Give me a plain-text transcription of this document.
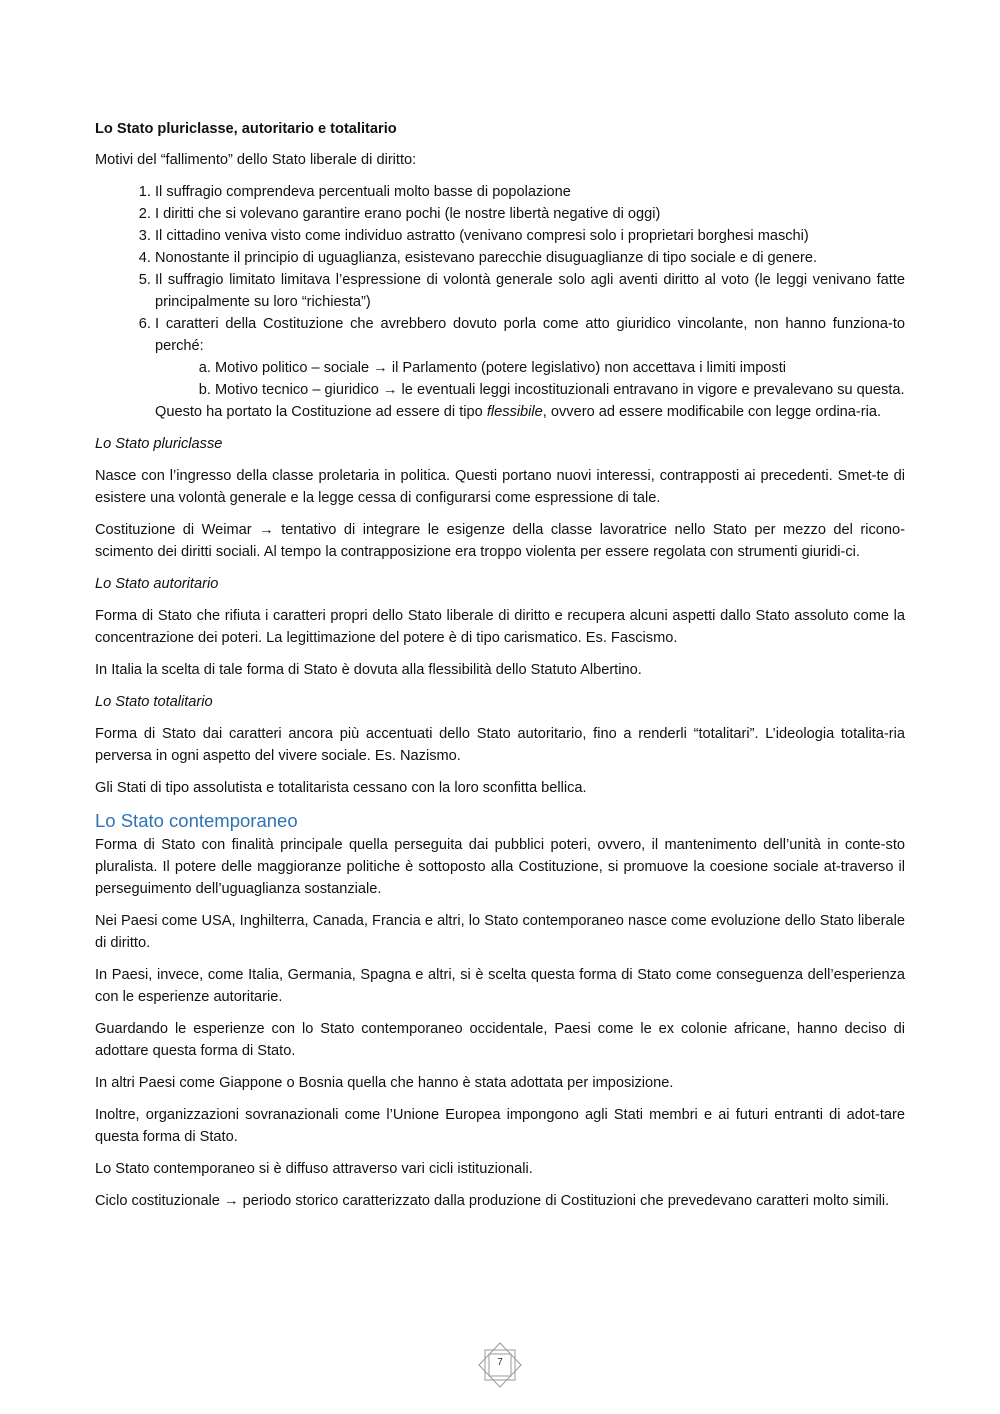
Lo Stato pluriclasse, autoritario e totalitario

Motivi del “fallimento” dello Stato liberale di diritto:

1. Il suffragio comprendeva percentuali molto basse di popolazione
2. I diritti che si volevano garantire erano pochi (le nostre libertà negative di oggi)
3. Il cittadino veniva visto come individuo astratto (venivano compresi solo i proprietari borghesi maschi)
4. Nonostante il principio di uguaglianza, esistevano parecchie disuguaglianze di tipo sociale e di genere.
5. Il suffragio limitato limitava l’espressione di volontà generale solo agli aventi diritto al voto (le leggi venivano fatte principalmente su loro “richiesta”)
6. I caratteri della Costituzione che avrebbero dovuto porla come atto giuridico vincolante, non hanno funziona-to perché:
a. Motivo politico – sociale → il Parlamento (potere legislativo) non accettava i limiti imposti
b. Motivo tecnico – giuridico → le eventuali leggi incostituzionali entravano in vigore e prevalevano su questa.

Questo ha portato la Costituzione ad essere di tipo flessibile, ovvero ad essere modificabile con legge ordina-ria.

Lo Stato pluriclasse

Nasce con l’ingresso della classe proletaria in politica. Questi portano nuovi interessi, contrapposti ai precedenti. Smet-te di esistere una volontà generale e la legge cessa di configurarsi come espressione di tale.

Costituzione di Weimar → tentativo di integrare le esigenze della classe lavoratrice nello Stato per mezzo del ricono-scimento dei diritti sociali. Al tempo la contrapposizione era troppo violenta per essere regolata con strumenti giuridi-ci.

Lo Stato autoritario

Forma di Stato che rifiuta i caratteri propri dello Stato liberale di diritto e recupera alcuni aspetti dallo Stato assoluto come la concentrazione dei poteri. La legittimazione del potere è di tipo carismatico. Es. Fascismo.

In Italia la scelta di tale forma di Stato è dovuta alla flessibilità dello Statuto Albertino.

Lo Stato totalitario

Forma di Stato dai caratteri ancora più accentuati dello Stato autoritario, fino a renderli “totalitari”. L’ideologia totalita-ria perversa in ogni aspetto del vivere sociale. Es. Nazismo.

Gli Stati di tipo assolutista e totalitarista cessano con la loro sconfitta bellica.

Lo Stato contemporaneo

Forma di Stato con finalità principale quella perseguita dai pubblici poteri, ovvero, il mantenimento dell’unità in conte-sto pluralista. Il potere delle maggioranze politiche è sottoposto alla Costituzione, si promuove la coesione sociale at-traverso il perseguimento dell’uguaglianza sostanziale.

Nei Paesi come USA, Inghilterra, Canada, Francia e altri, lo Stato contemporaneo nasce come evoluzione dello Stato liberale di diritto.

In Paesi, invece, come Italia, Germania, Spagna e altri, si è scelta questa forma di Stato come conseguenza dell’esperienza con le esperienze autoritarie.

Guardando le esperienze con lo Stato contemporaneo occidentale, Paesi come le ex colonie africane, hanno deciso di adottare questa forma di Stato.

In altri Paesi come Giappone o Bosnia quella che hanno è stata adottata per imposizione.

Inoltre, organizzazioni sovranazionali come l’Unione Europea impongono agli Stati membri e ai futuri entranti di adot-tare questa forma di Stato.

Lo Stato contemporaneo si è diffuso attraverso vari cicli istituzionali.

Ciclo costituzionale → periodo storico caratterizzato dalla produzione di Costituzioni che prevedevano caratteri molto simili.

7
